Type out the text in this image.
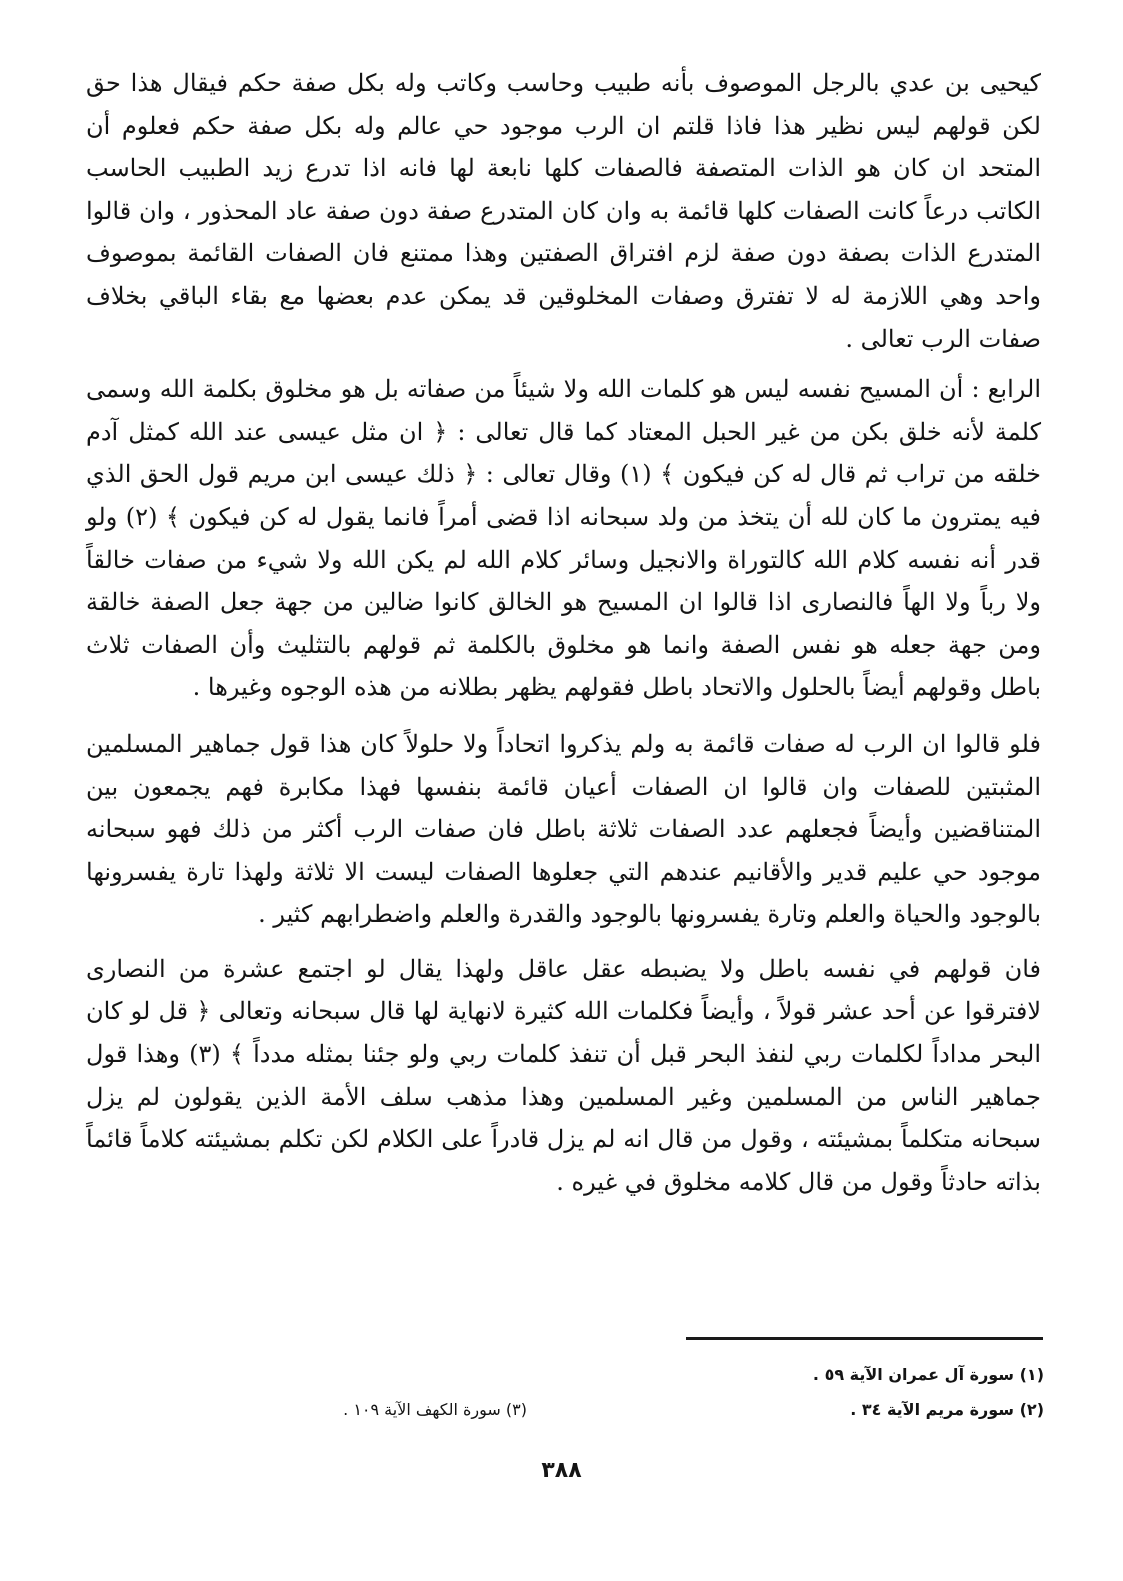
كيحيى بن عدي بالرجل الموصوف بأنه طبيب وحاسب وكاتب وله بكل صفة حكم فيقال هذا حق لكن قولهم ليس نظير هذا فاذا قلتم ان الرب موجود حي عالم وله بكل صفة حكم فعلوم أن المتحد ان كان هو الذات المتصفة فالصفات كلها نابعة لها فانه اذا تدرع زيد الطبيب الحاسب الكاتب درعاً كانت الصفات كلها قائمة به وان كان المتدرع صفة دون صفة عاد المحذور ، وان قالوا المتدرع الذات بصفة دون صفة لزم افتراق الصفتين وهذا ممتنع فان الصفات القائمة بموصوف واحد وهي اللازمة له لا تفترق وصفات المخلوقين قد يمكن عدم بعضها مع بقاء الباقي بخلاف صفات الرب تعالى .

الرابع : أن المسيح نفسه ليس هو كلمات الله ولا شيئاً من صفاته بل هو مخلوق بكلمة الله وسمى كلمة لأنه خلق بكن من غير الحبل المعتاد كما قال تعالى : ﴿ ان مثل عيسى عند الله كمثل آدم خلقه من تراب ثم قال له كن فيكون ﴾ (١) وقال تعالى : ﴿ ذلك عيسى ابن مريم قول الحق الذي فيه يمترون ما كان لله أن يتخذ من ولد سبحانه اذا قضى أمراً فانما يقول له كن فيكون ﴾ (٢) ولو قدر أنه نفسه كلام الله كالتوراة والانجيل وسائر كلام الله لم يكن الله ولا شيء من صفات خالقاً ولا رباً ولا الهاً فالنصارى اذا قالوا ان المسيح هو الخالق كانوا ضالين من جهة جعل الصفة خالقة ومن جهة جعله هو نفس الصفة وانما هو مخلوق بالكلمة ثم قولهم بالتثليث وأن الصفات ثلاث باطل وقولهم أيضاً بالحلول والاتحاد باطل فقولهم يظهر بطلانه من هذه الوجوه وغيرها .

فلو قالوا ان الرب له صفات قائمة به ولم يذكروا اتحاداً ولا حلولاً كان هذا قول جماهير المسلمين المثبتين للصفات وان قالوا ان الصفات أعيان قائمة بنفسها فهذا مكابرة فهم يجمعون بين المتناقضين وأيضاً فجعلهم عدد الصفات ثلاثة باطل فان صفات الرب أكثر من ذلك فهو سبحانه موجود حي عليم قدير والأقانيم عندهم التي جعلوها الصفات ليست الا ثلاثة ولهذا تارة يفسرونها بالوجود والحياة والعلم وتارة يفسرونها بالوجود والقدرة والعلم واضطرابهم كثير .

فان قولهم في نفسه باطل ولا يضبطه عقل عاقل ولهذا يقال لو اجتمع عشرة من النصارى لافترقوا عن أحد عشر قولاً ، وأيضاً فكلمات الله كثيرة لانهاية لها قال سبحانه وتعالى ﴿ قل لو كان البحر مداداً لكلمات ربي لنفذ البحر قبل أن تنفذ كلمات ربي ولو جئنا بمثله مدداً ﴾ (٣) وهذا قول جماهير الناس من المسلمين وغير المسلمين وهذا مذهب سلف الأمة الذين يقولون لم يزل سبحانه متكلماً بمشيئته ، وقول من قال انه لم يزل قادراً على الكلام لكن تكلم بمشيئته كلاماً قائماً بذاته حادثاً وقول من قال كلامه مخلوق في غيره .

(١) سورة آل عمران الآية ٥٩ .
(٢) سورة مريم الآية ٣٤ .
(٣) سورة الكهف الآية ١٠٩ .
٣٨٨
